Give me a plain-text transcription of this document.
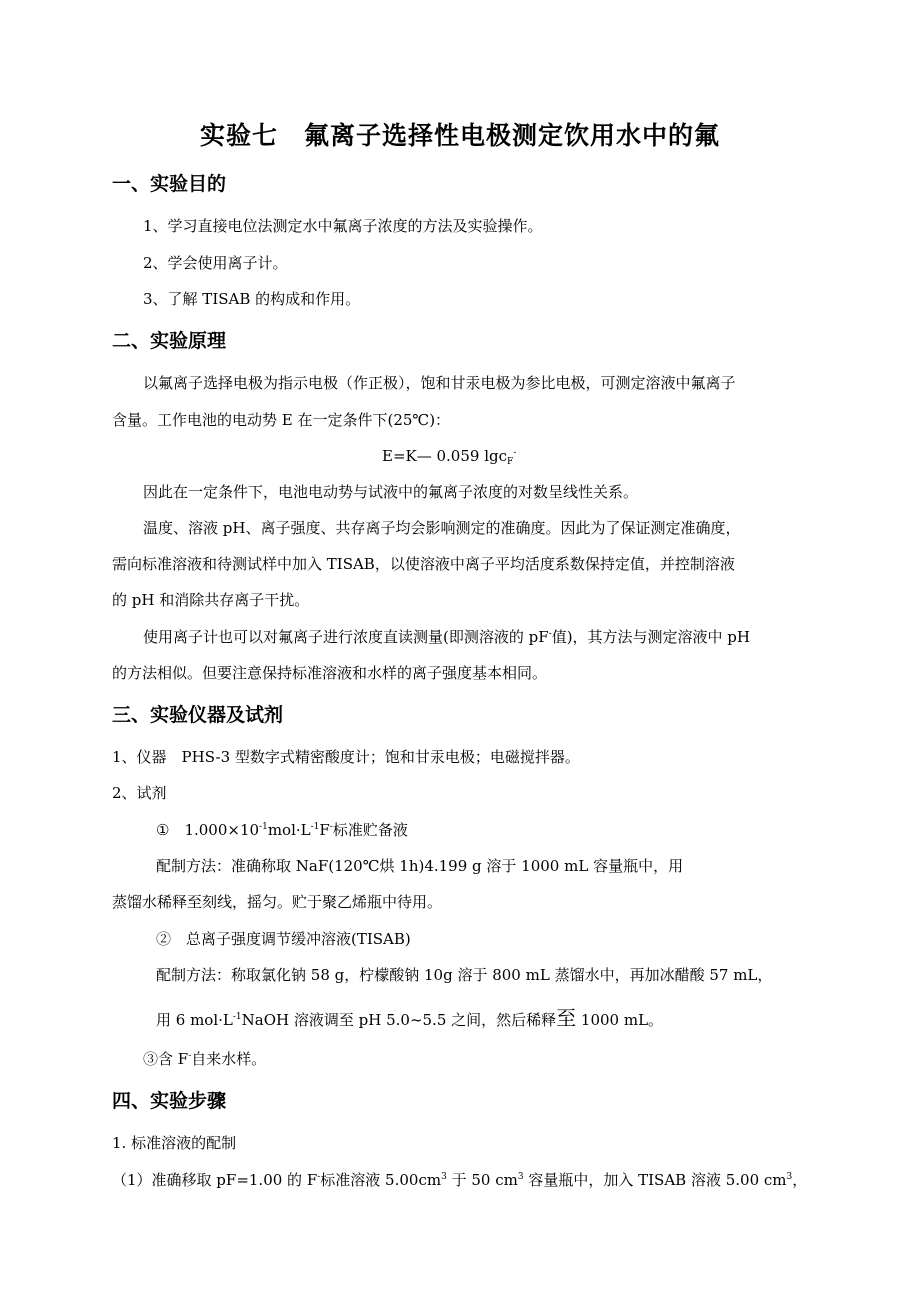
实验七　氟离子选择性电极测定饮用水中的氟
一、实验目的
1、学习直接电位法测定水中氟离子浓度的方法及实验操作。
2、学会使用离子计。
3、了解 TISAB 的构成和作用。
二、实验原理
以氟离子选择电极为指示电极（作正极），饱和甘汞电极为参比电极，可测定溶液中氟离子
含量。工作电池的电动势 E 在一定条件下(25℃)：
E=K— 0.059 lgc$_F$-
因此在一定条件下，电池电动势与试液中的氟离子浓度的对数呈线性关系。
温度、溶液 pH、离子强度、共存离子均会影响测定的准确度。因此为了保证测定准确度，
需向标准溶液和待测试样中加入 TISAB，以使溶液中离子平均活度系数保持定值，并控制溶液
的 pH 和消除共存离子干扰。
使用离子计也可以对氟离子进行浓度直读测量(即测溶液的 pF-值)，其方法与测定溶液中 pH
的方法相似。但要注意保持标准溶液和水样的离子强度基本相同。
三、实验仪器及试剂
1、仪器　PHS-3 型数字式精密酸度计；饱和甘汞电极；电磁搅拌器。
2、试剂
①　$1.000\times 10^{-1}mol\cdot L^{-1}F^-$标准贮备液
配制方法：准确称取 NaF(120℃烘 1h)4.199 g 溶于 1000 mL 容量瓶中，用
蒸馏水稀释至刻线，摇匀。贮于聚乙烯瓶中待用。
②　总离子强度调节缓冲溶液(TISAB)
配制方法：称取氯化钠 58 g，柠檬酸钠 10g 溶于 800 mL 蒸馏水中，再加冰醋酸 57 mL，
用 6 $mol\cdot L^{-1}NaOH$ 溶液调至 pH 5.0~5.5 之间，然后稀释至 1000 mL。
③含 F-自来水样。
四、实验步骤
1. 标准溶液的配制
（1）准确移取 pF=1.00 的 F-标准溶液 $5.00cm^3$ 于 50 $cm^3$ 容量瓶中，加入 TISAB 溶液 5.00 $cm^3$，
